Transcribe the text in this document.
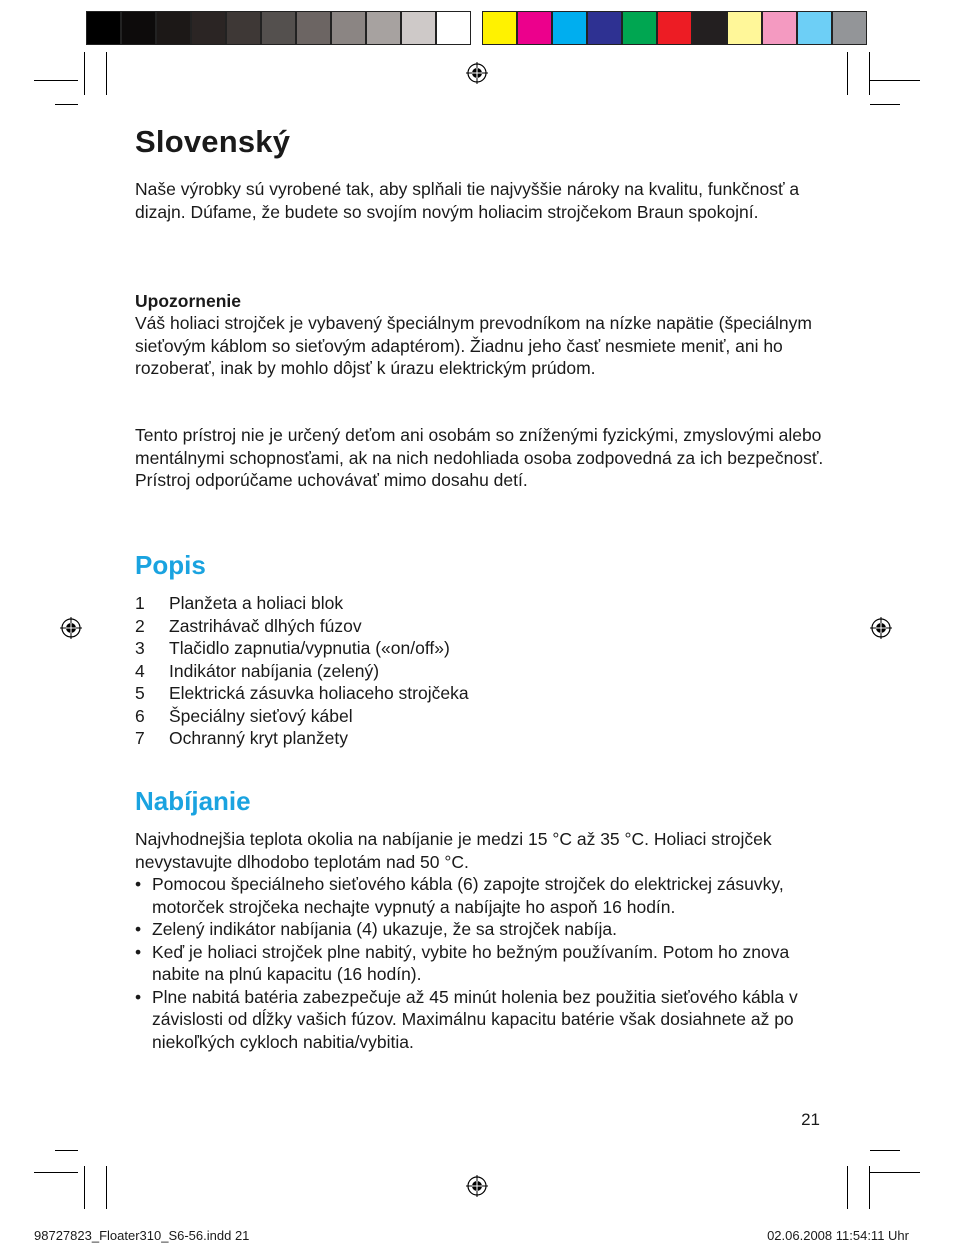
Slovenský

Naše výrobky sú vyrobené tak, aby splňali tie najvyššie nároky na kvalitu, funkčnosť a dizajn. Dúfame, že budete so svojím novým holiacim strojčekom Braun spokojní.

Upozornenie

Váš holiaci strojček je vybavený špeciálnym prevodníkom na nízke napätie (špeciálnym sieťovým káblom so sieťovým adaptérom). Žiadnu jeho časť nesmiete meniť, ani ho rozoberať, inak by mohlo dôjsť k úrazu elektrickým prúdom.

Tento prístroj nie je určený deťom ani osobám so zníženými fyzickými, zmyslovými alebo mentálnymi schopnosťami, ak na nich nedohliada osoba zodpovedná za ich bezpečnosť. Prístroj odporúčame uchovávať mimo dosahu detí.

Popis
1	Planžeta a holiaci blok
2	Zastrihávač dlhých fúzov
3	Tlačidlo zapnutia/vypnutia («on/off»)
4	Indikátor nabíjania (zelený)
5	Elektrická zásuvka holiaceho strojčeka
6	Špeciálny sieťový kábel
7	Ochranný kryt planžety
Nabíjanie

Najvhodnejšia teplota okolia na nabíjanie je medzi 15 °C až 35 °C. Holiaci strojček nevystavujte dlhodobo teplotám nad 50 °C.

• Pomocou špeciálneho sieťového kábla (6) zapojte strojček do elektrickej zásuvky, motorček strojčeka nechajte vypnutý a nabíjajte ho aspoň 16 hodín.
• Zelený indikátor nabíjania (4) ukazuje, že sa strojček nabíja.
• Keď je holiaci strojček plne nabitý, vybite ho bežným používaním. Potom ho znova nabite na plnú kapacitu (16 hodín).
• Plne nabitá batéria zabezpečuje až 45 minút holenia bez použitia sieťového kábla v závislosti od dĺžky vašich fúzov. Maximálnu kapacitu batérie však dosiahnete až po niekoľkých cykloch nabitia/vybitia.
21
98727823_Floater310_S6-56.indd 21	02.06.2008 11:54:11 Uhr
